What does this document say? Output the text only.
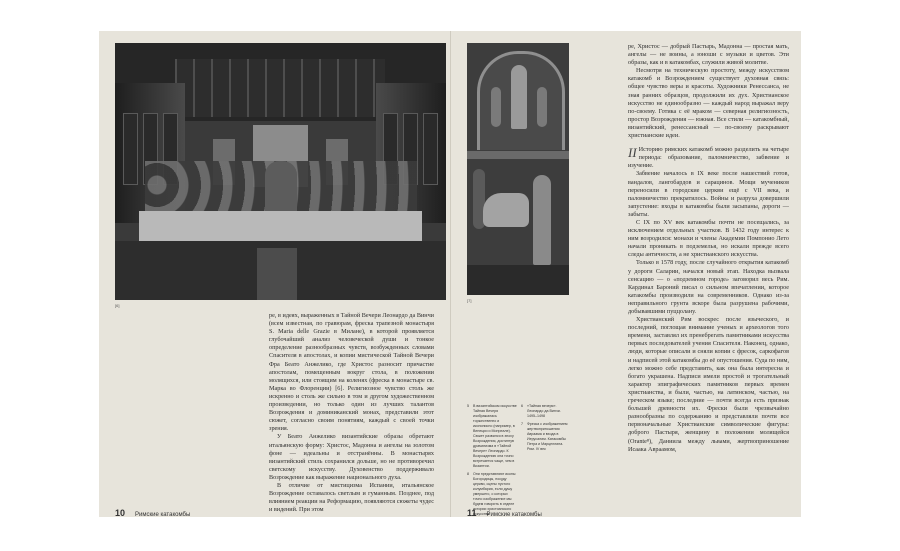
[6]

ре, в идеях, выраженных в Тайной Вечери Леонардо да Винчи (всем известная, по гравюрам, фреска трапезной монастыря S. Maria delle Grazie в Милане), в которой проявляется глубочайший анализ человеческой души и тонкое определение разнообразных чувств, возбужденных словами Спасителя в апостолах, и копии мистической Тайной Вечери Фра Беато Анжелико, где Христос разносит причастие апостолам, помещенным вокруг стола, в положении молящихся, или стоящим на коленях (фреска в монастыре св. Марка во Флоренции) [6]. Религиозное чувство столь же искренно и столь же сильно в том и другом художественном произведении, но только один из лучших талантов Возрождения и доминиканский монах, представили этот сюжет, согласно своим понятиям, каждый с своей точки зрения.

У Беато Анжелико византийские образы обретают итальянскую форму: Христос, Мадонна и ангелы на золотом фоне — идеальны и отстранённы. В монастырях византийский стиль сохранился дольше, но не противоречил светскому искусству. Духовенство поддерживало Возрождение как выражение национального духа.

В отличие от мистицизма Испании, итальянское Возрождение оставалось светлым и гуманным. Позднее, под влиянием реакции на Реформацию, появляются сюжеты чудес и видений. При этом

10 Римские катакомбы
[7]
5 В византийском искусстве Тайная Вечеря изображалась торжественно и иконописно (например, в Венеции и Монреале). Сюжет развился в эпоху Возрождения, достигнув драматизма в «Тайной Вечере» Леонардо. К Возрождению она точно встречается чаще, чем в Византии.
8 Они представляют иконы Богородицы, посуду церкви, сцены пустого колумбария, если душу умершего, о которых точно изображение мы будем говорить в отделе истории христианского искусства.
6 «Тайная вечеря». Леонардо да Винчи. 1495–1498
7 Фреска с изображением жертвоприношения Авраама и входа в Иерусалим. Катакомбы Петра и Марцеллина. Рим. IV век

ре, Христос — добрый Пастырь, Мадонна — простая мать, ангелы — не воины, а юноши с музыки и цветов. Эти образы, как и в катакомбах, служили живой молитве.

Несмотря на техническую простоту, между искусством катакомб и Возрождением существует духовная связь: общее чувство веры и красоты. Художники Ренессанса, не зная ранних образцов, продолжили их дух. Христианское искусство не единообразно — каждый народ выражал веру по-своему. Готика с её мраком — северная религиозность, простор Возрождения — южная. Все стили — катакомбный, византийский, ренессансный — по-своему раскрывают христианские идеи.

II Историю римских катакомб можно разделить на четыре периода: образование, паломничество, забвение и изучение.

Забвение началось в IX веке после нашествий готов, вандалов, лангобардов и сарацинов. Мощи мучеников переносили в городские церкви ещё с VII века, и паломничество прекратилось. Войны и разруха довершили запустение: входы в катакомбы были засыпаны, дороги — забыты.

С IX по XV век катакомбы почти не посещались, за исключением отдельных участков. В 1432 году интерес к ним возродился: монахи и члены Академии Помпонио Лето начали проникать в подземелья, но искали прежде всего следы античности, а не христианского искусства.

Только в 1578 году, после случайного открытия катакомб у дороги Саларии, начался новый этап. Находка вызвала сенсацию — о «подземном городе» заговорил весь Рим. Кардинал Бароний писал о сильном впечатлении, которое катакомбы производили на современников. Однако из-за неправильного грунта вскоре была разрушена рабочими, добывавшими пуццолану.

Христианский Рим воскрес после языческого, и последний, поглощая внимание ученых и археологов того времени, заставлял их пренебрегать памятниками искусства первых последователей учения Спасителя. Наконец, однако, люди, которые описали и сняли копии с фресок, саркофагов и надписей этой катакомбы до её опустошения. Суда по ним, легко можно себе представить, как она была интересна и богато украшена. Надписи имели простой и трогательный характер эпиграфических памятников первых времен христианства, и были, частью, на латинском, частью, на греческом языке; последние — почти всегда есть признак большей древности их. Фрески были чрезвычайно разнообразны по содержанию и представляли почти все первоначальные Христианские символические фигуры: доброго Пастыря, женщину в положении молящейся (Orante⁸), Даниила между львами, жертвоприношение Исаака Авраамом,

11 Римские катакомбы
